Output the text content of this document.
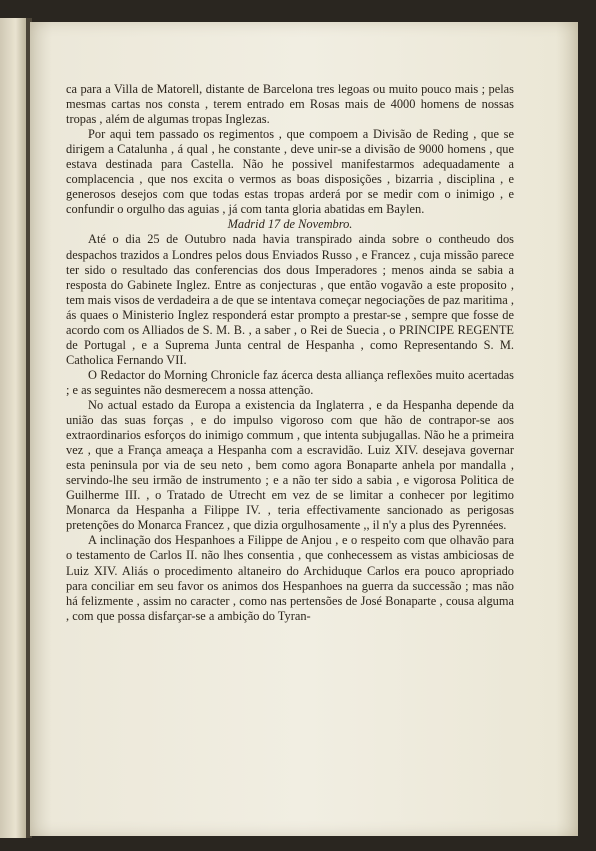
ca para a Villa de Matorell, distante de Barcelona tres legoas ou muito pouco mais ; pelas mesmas cartas nos consta , terem entrado em Rosas mais de 4000 homens de nossas tropas , além de algumas tropas Inglezas.

Por aqui tem passado os regimentos , que compoem a Divisão de Reding , que se dirigem a Catalunha , á qual , he constante , deve unir-se a divisão de 9000 homens , que estava destinada para Castella. Não he possivel manifestarmos adequadamente a complacencia , que nos excita o vermos as boas disposições , bizarria , disciplina , e generosos desejos com que todas estas tropas arderá por se medir com o inimigo , e confundir o orgulho das aguias , já com tanta gloria abatidas em Baylen.

Madrid 17 de Novembro.

Até o dia 25 de Outubro nada havia transpirado ainda sobre o contheudo dos despachos trazidos a Londres pelos dous Enviados Russo , e Francez , cuja missão parece ter sido o resultado das conferencias dos dous Imperadores ; menos ainda se sabia a resposta do Gabinete Inglez. Entre as conjecturas , que então vogavão a este proposito , tem mais visos de verdadeira a de que se intentava começar negociações de paz maritima , ás quaes o Ministerio Inglez responderá estar prompto a prestar-se , sempre que fosse de acordo com os Alliados de S. M. B. , a saber , o Rei de Suecia , o PRINCIPE REGENTE de Portugal , e a Suprema Junta central de Hespanha , como Representando S. M. Catholica Fernando VII.

O Redactor do Morning Chronicle faz ácerca desta alliança reflexões muito acertadas ; e as seguintes não desmerecem a nossa attenção.

No actual estado da Europa a existencia da Inglaterra , e da Hespanha depende da união das suas forças , e do impulso vigoroso com que hão de contrapor-se aos extraordinarios esforços do inimigo commum , que intenta subjugallas. Não he a primeira vez , que a França ameaça a Hespanha com a escravidão. Luiz XIV. desejava governar esta peninsula por via de seu neto , bem como agora Bonaparte anhela por mandalla , servindo-lhe seu irmão de instrumento ; e a não ter sido a sabia , e vigorosa Politica de Guilherme III. , o Tratado de Utrecht em vez de se limitar a conhecer por legitimo Monarca da Hespanha a Filippe IV. , teria effectivamente sancionado as perigosas pretenções do Monarca Francez , que dizia orgulhosamente ,, il n'y a plus des Pyrennées.

A inclinação dos Hespanhoes a Filippe de Anjou , e o respeito com que olhavão para o testamento de Carlos II. não lhes consentia , que conhecessem as vistas ambiciosas de Luiz XIV. Aliás o procedimento altaneiro do Archiduque Carlos era pouco apropriado para conciliar em seu favor os animos dos Hespanhoes na guerra da successão ; mas não há felizmente , assim no caracter , como nas pertensões de José Bonaparte , cousa alguma , com que possa disfarçar-se a ambição do Tyran-
